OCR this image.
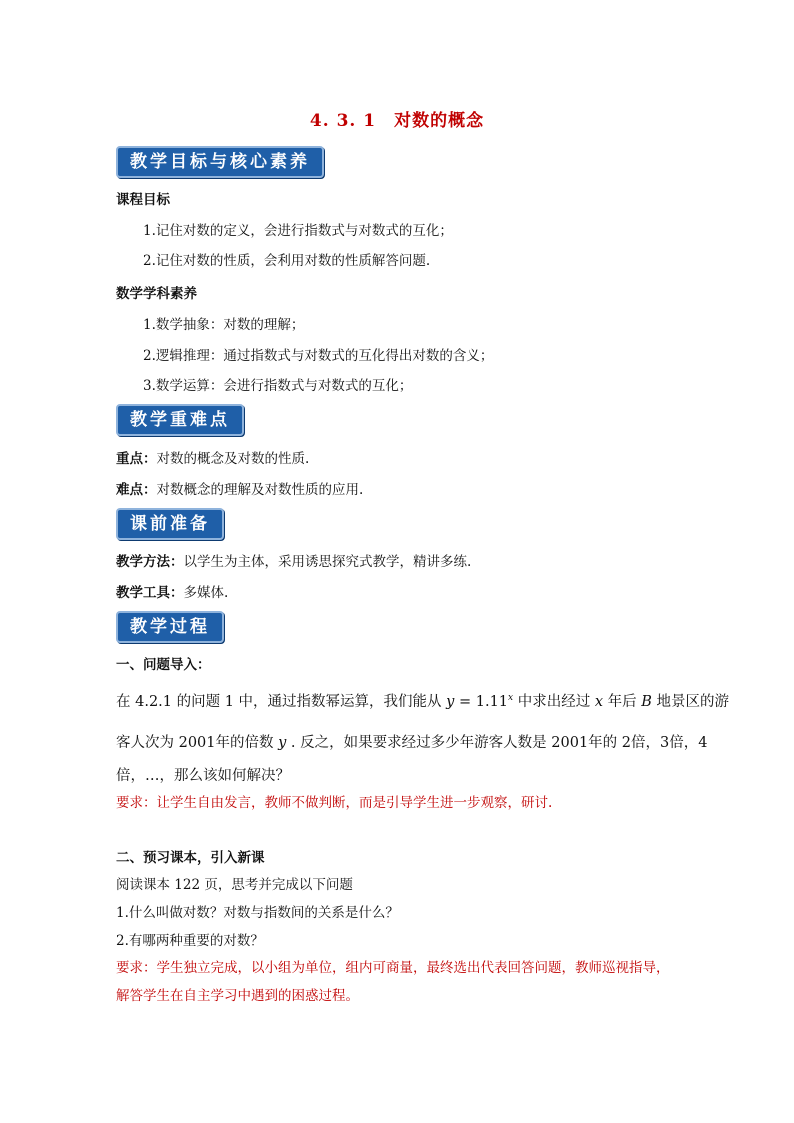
4. 3. 1　对数的概念
教学目标与核心素养
课程目标
1.记住对数的定义，会进行指数式与对数式的互化；
2.记住对数的性质，会利用对数的性质解答问题.
数学学科素养
1.数学抽象：对数的理解；
2.逻辑推理：通过指数式与对数式的互化得出对数的含义；
3.数学运算：会进行指数式与对数式的互化；
教学重难点
重点：对数的概念及对数的性质.
难点：对数概念的理解及对数性质的应用.
课前准备
教学方法：以学生为主体，采用诱思探究式教学，精讲多练.
教学工具：多媒体.
教学过程
一、问题导入：
在 4.2.1 的问题 1 中，通过指数幂运算，我们能从 $y = 1.11^x$ 中求出经过 x 年后 B 地景区的游
客人次为 2001年的倍数 y . 反之，如果要求经过多少年游客人数是 2001年的 2倍，3倍，4
倍，…，那么该如何解决？
要求：让学生自由发言，教师不做判断，而是引导学生进一步观察，研讨.
二、预习课本，引入新课
阅读课本 122 页，思考并完成以下问题
1.什么叫做对数？对数与指数间的关系是什么？
2.有哪两种重要的对数？
要求：学生独立完成，以小组为单位，组内可商量，最终选出代表回答问题，教师巡视指导，
解答学生在自主学习中遇到的困惑过程。
